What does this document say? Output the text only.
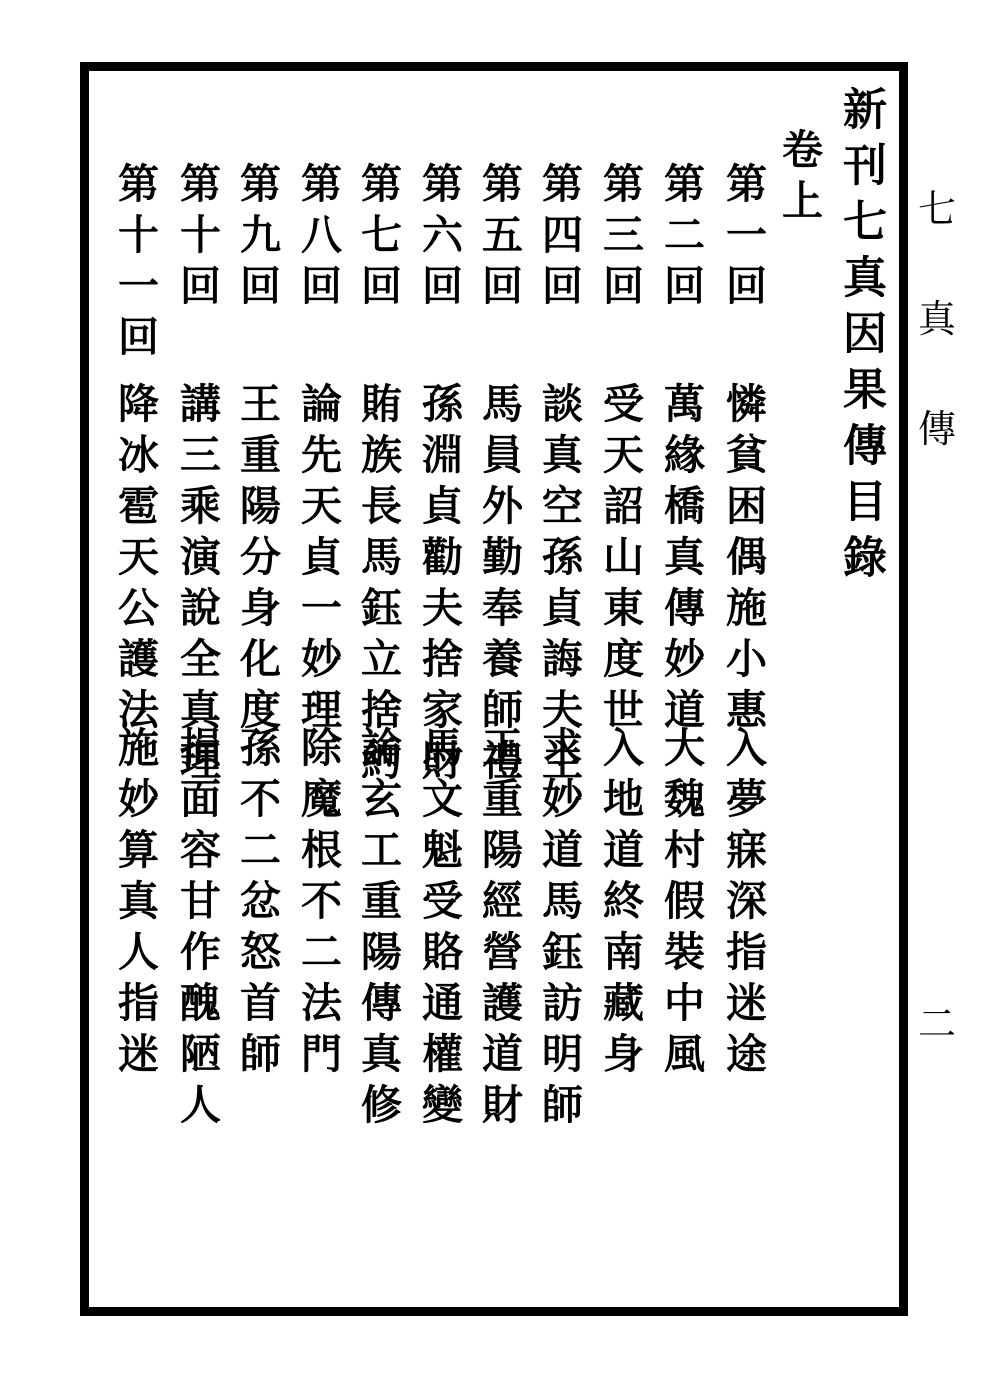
新刊七真因果傳目錄
卷上
第一回
第二回
第三回
第四回
第五回
第六回
第七回
第八回
第九回
第十回
第十一回
憐貧困偶施小惠
萬緣橋真傳妙道
受天詔山東度世
談真空孫貞誨夫主
馬員外勤奉養師禮
孫淵貞勸夫捨家財
賄族長馬鈺立捨約
論先天貞一妙理
王重陽分身化度
講三乘演說全真理
降冰雹天公護法
入夢寐深指迷途
大魏村假裝中風
入地道終南藏身
求妙道馬鈺訪明師
王重陽經營護道財
馬文魁受賂通權變
論玄工重陽傳真修
除魔根不二法門
孫不二忿怒首師
損面容甘作醜陋人
施妙算真人指迷
七
真
傳
二
